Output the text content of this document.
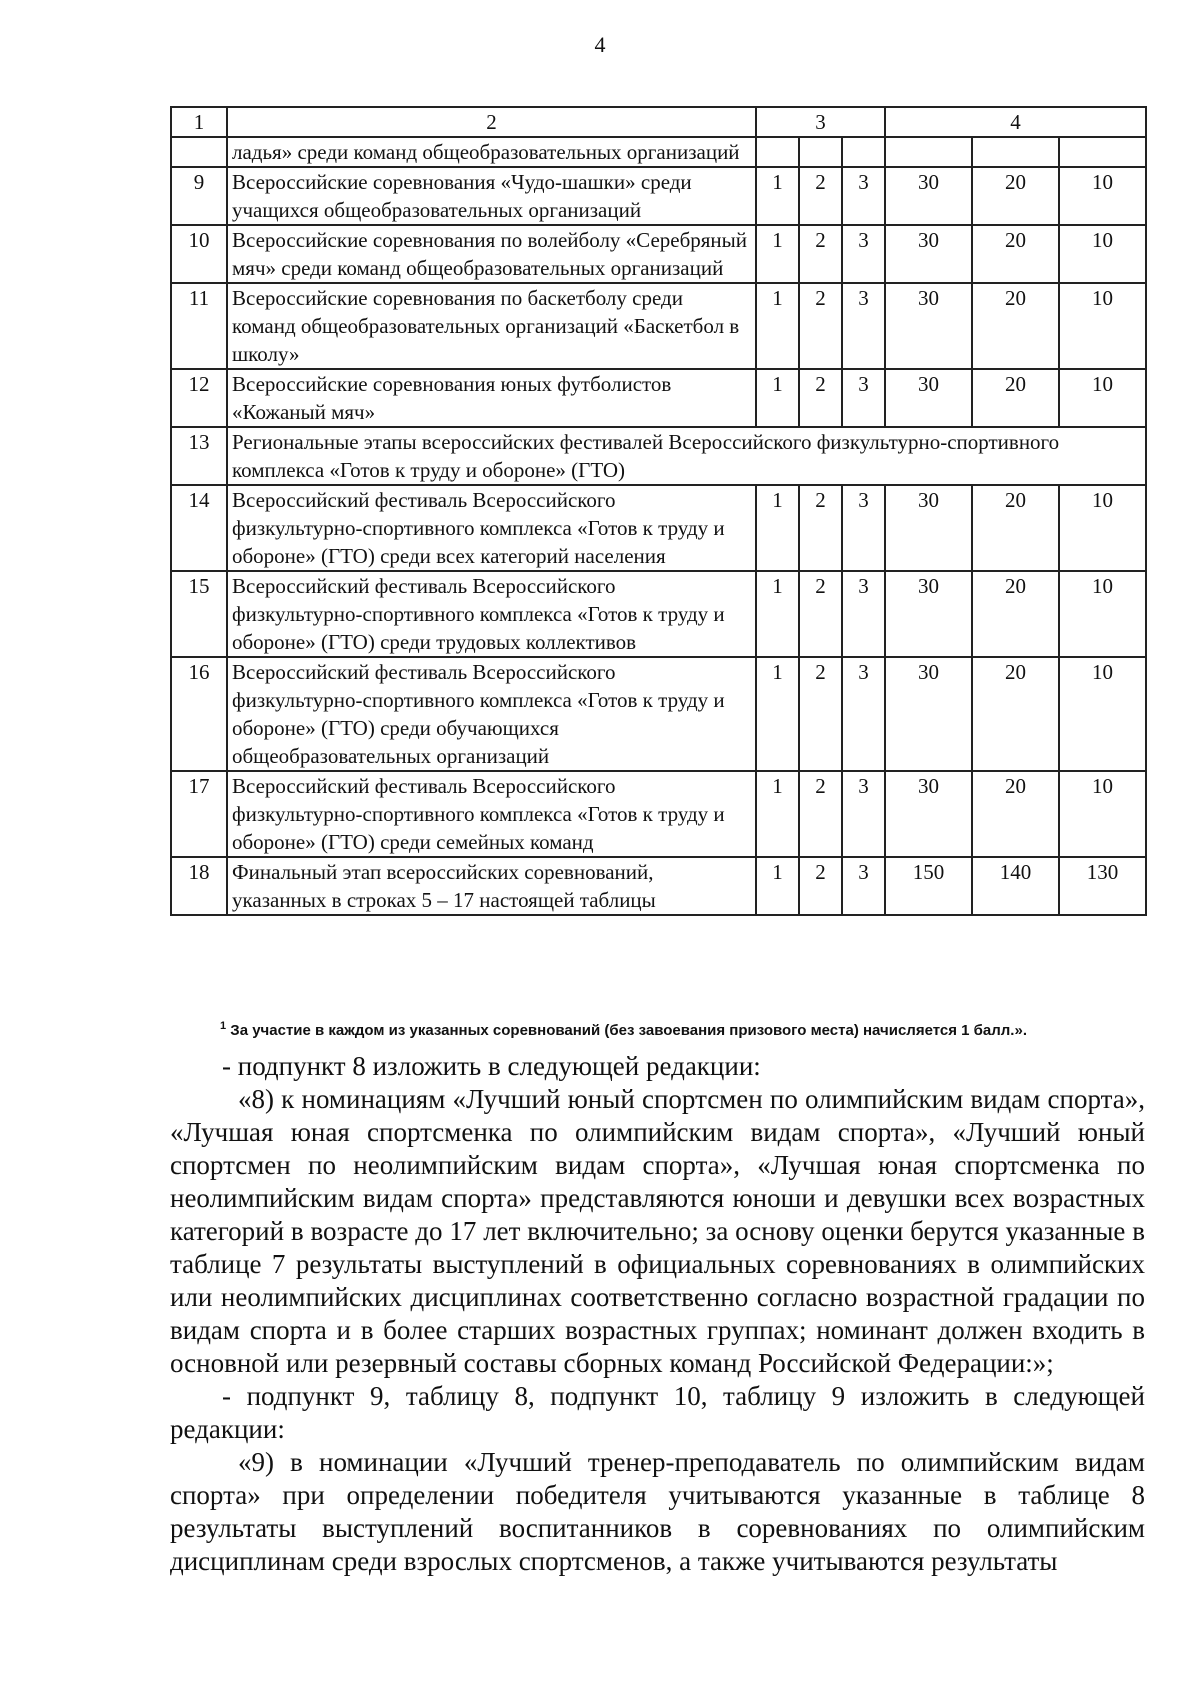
4
1	2	3			4		
	ладья» среди команд общеобразовательных организаций						
9	Всероссийские соревнования «Чудо-шашки» среди учащихся общеобразовательных организаций	1	2	3	30	20	10
10	Всероссийские соревнования по волейболу «Серебряный мяч» среди команд общеобразовательных организаций	1	2	3	30	20	10
11	Всероссийские соревнования по баскетболу среди команд общеобразовательных организаций «Баскетбол в школу»	1	2	3	30	20	10
12	Всероссийские соревнования юных футболистов «Кожаный мяч»	1	2	3	30	20	10
13	Региональные этапы всероссийских фестивалей Всероссийского физкультурно-спортивного комплекса «Готов к труду и обороне» (ГТО)						
14	Всероссийский фестиваль Всероссийского физкультурно-спортивного комплекса «Готов к труду и обороне» (ГТО) среди всех категорий населения	1	2	3	30	20	10
15	Всероссийский фестиваль Всероссийского физкультурно-спортивного комплекса «Готов к труду и обороне» (ГТО) среди трудовых коллективов	1	2	3	30	20	10
16	Всероссийский фестиваль Всероссийского физкультурно-спортивного комплекса «Готов к труду и обороне» (ГТО) среди обучающихся общеобразовательных организаций	1	2	3	30	20	10
17	Всероссийский фестиваль Всероссийского физкультурно-спортивного комплекса «Готов к труду и обороне» (ГТО) среди семейных команд	1	2	3	30	20	10
18	Финальный этап всероссийских соревнований, указанных в строках 5 – 17 настоящей таблицы	1	2	3	150	140	130
$^1$ За участие в каждом из указанных соревнований (без завоевания призового места) начисляется 1 балл.».

- подпункт 8 изложить в следующей редакции:

«8) к номинациям «Лучший юный спортсмен по олимпийским видам спорта», «Лучшая юная спортсменка по олимпийским видам спорта», «Лучший юный спортсмен по неолимпийским видам спорта», «Лучшая юная спортсменка по неолимпийским видам спорта» представляются юноши и девушки всех возрастных категорий в возрасте до 17 лет включительно; за основу оценки берутся указанные в таблице 7 результаты выступлений в официальных соревнованиях в олимпийских или неолимпийских дисциплинах соответственно согласно возрастной градации по видам спорта и в более старших возрастных группах; номинант должен входить в основной или резервный составы сборных команд Российской Федерации:»;

- подпункт 9, таблицу 8, подпункт 10, таблицу 9 изложить в следующей редакции:

«9) в номинации «Лучший тренер-преподаватель по олимпийским видам спорта» при определении победителя учитываются указанные в таблице 8 результаты выступлений воспитанников в соревнованиях по олимпийским дисциплинам среди взрослых спортсменов, а также учитываются результаты
